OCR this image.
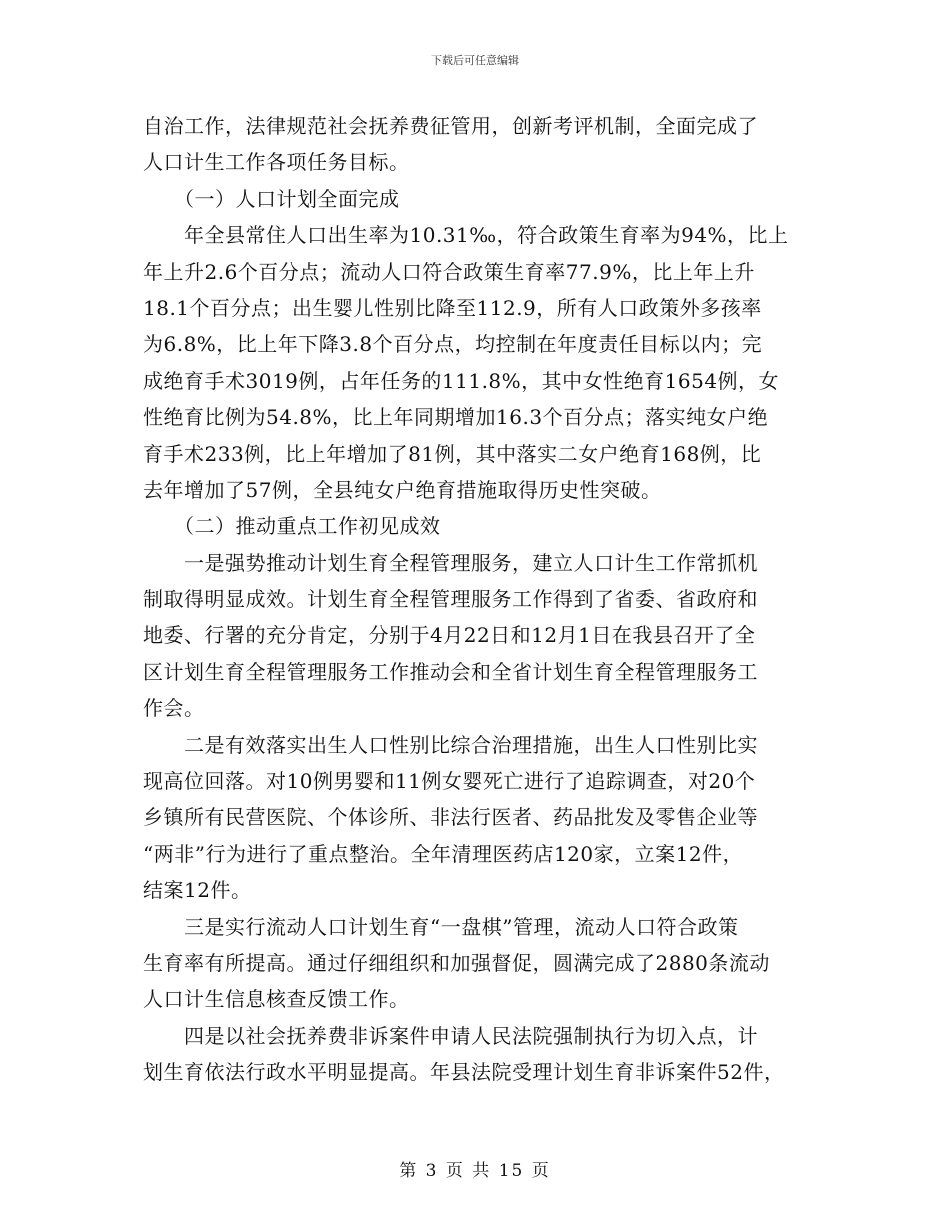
下载后可任意编辑
自治工作，法律规范社会抚养费征管用，创新考评机制，全面完成了
人口计生工作各项任务目标。
　　（一）人口计划全面完成
　　年全县常住人口出生率为10.31‰，符合政策生育率为94%，比上
年上升2.6个百分点；流动人口符合政策生育率77.9%，比上年上升
18.1个百分点；出生婴儿性别比降至112.9，所有人口政策外多孩率
为6.8%，比上年下降3.8个百分点，均控制在年度责任目标以内；完
成绝育手术3019例，占年任务的111.8%，其中女性绝育1654例，女
性绝育比例为54.8%，比上年同期增加16.3个百分点；落实纯女户绝
育手术233例，比上年增加了81例，其中落实二女户绝育168例，比
去年增加了57例，全县纯女户绝育措施取得历史性突破。
　　（二）推动重点工作初见成效
　　一是强势推动计划生育全程管理服务，建立人口计生工作常抓机
制取得明显成效。计划生育全程管理服务工作得到了省委、省政府和
地委、行署的充分肯定，分别于4月22日和12月1日在我县召开了全
区计划生育全程管理服务工作推动会和全省计划生育全程管理服务工
作会。
　　二是有效落实出生人口性别比综合治理措施，出生人口性别比实
现高位回落。对10例男婴和11例女婴死亡进行了追踪调查，对20个
乡镇所有民营医院、个体诊所、非法行医者、药品批发及零售企业等
“两非”行为进行了重点整治。全年清理医药店120家，立案12件，
结案12件。
　　三是实行流动人口计划生育“一盘棋”管理，流动人口符合政策
生育率有所提高。通过仔细组织和加强督促，圆满完成了2880条流动
人口计生信息核查反馈工作。
　　四是以社会抚养费非诉案件申请人民法院强制执行为切入点，计
划生育依法行政水平明显提高。年县法院受理计划生育非诉案件52件，
第 3 页 共 15 页
